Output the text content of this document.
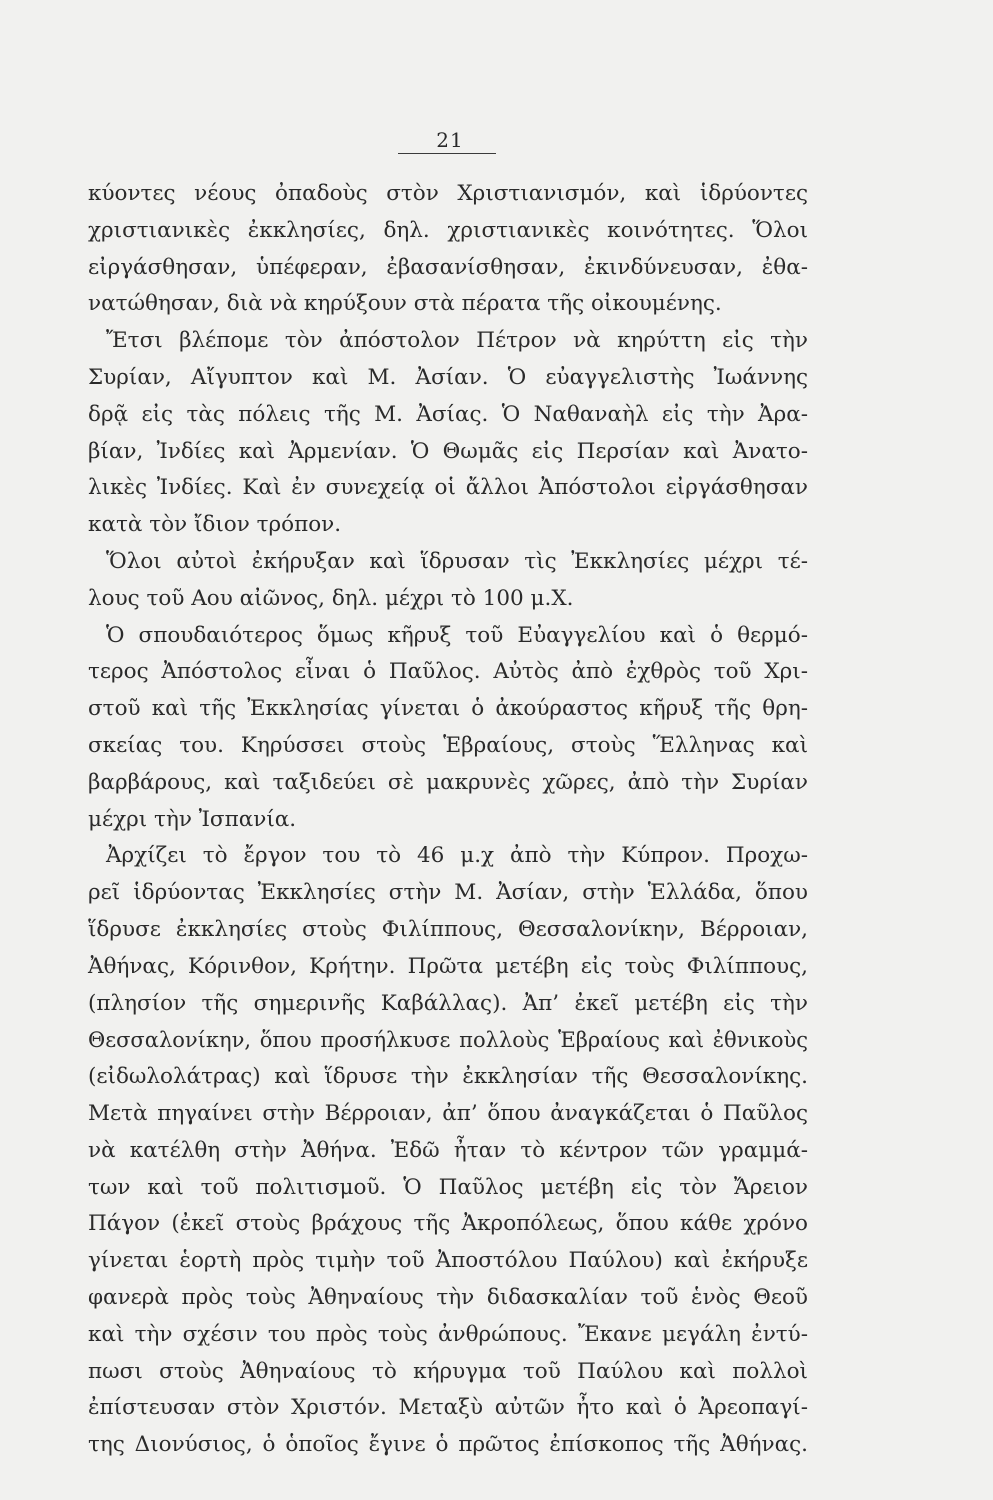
21
κύοντες νέους ὀπαδοὺς στὸν Χριστιανισμόν, καὶ ἱδρύοντες
χριστιανικὲς ἐκκλησίες, δηλ. χριστιανικὲς κοινότητες. Ὅλοι
εἰργάσθησαν, ὑπέφεραν, ἐβασανίσθησαν, ἐκινδύνευσαν, ἐθα-
νατώθησαν, διὰ νὰ κηρύξουν στὰ πέρατα τῆς οἰκουμένης.
Ἔτσι βλέπομε τὸν ἀπόστολον Πέτρον νὰ κηρύττη εἰς τὴν
Συρίαν, Αἴγυπτον καὶ Μ. Ἀσίαν. Ὁ εὐαγγελιστὴς Ἰωάννης
δρᾷ εἰς τὰς πόλεις τῆς Μ. Ἀσίας. Ὁ Ναθαναὴλ εἰς τὴν Ἀρα-
βίαν, Ἰνδίες καὶ Ἀρμενίαν. Ὁ Θωμᾶς εἰς Περσίαν καὶ Ἀνατο-
λικὲς Ἰνδίες. Καὶ ἐν συνεχείᾳ οἱ ἄλλοι Ἀπόστολοι εἰργάσθησαν
κατὰ τὸν ἴδιον τρόπον.
Ὅλοι αὐτοὶ ἐκήρυξαν καὶ ἵδρυσαν τὶς Ἐκκλησίες μέχρι τέ-
λους τοῦ Αου αἰῶνος, δηλ. μέχρι τὸ 100 μ.Χ.
Ὁ σπουδαιότερος ὅμως κῆρυξ τοῦ Εὐαγγελίου καὶ ὁ θερμό-
τερος Ἀπόστολος εἶναι ὁ Παῦλος. Αὐτὸς ἀπὸ ἐχθρὸς τοῦ Χρι-
στοῦ καὶ τῆς Ἐκκλησίας γίνεται ὁ ἀκούραστος κῆρυξ τῆς θρη-
σκείας του. Κηρύσσει στοὺς Ἑβραίους, στοὺς Ἕλληνας καὶ
βαρβάρους, καὶ ταξιδεύει σὲ μακρυνὲς χῶρες, ἀπὸ τὴν Συρίαν
μέχρι τὴν Ἰσπανία.
Ἀρχίζει τὸ ἔργον του τὸ 46 μ.χ ἀπὸ τὴν Κύπρον. Προχω-
ρεῖ ἱδρύοντας Ἐκκλησίες στὴν Μ. Ἀσίαν, στὴν Ἑλλάδα, ὅπου
ἵδρυσε ἐκκλησίες στοὺς Φιλίππους, Θεσσαλονίκην, Βέρροιαν,
Ἀθήνας, Κόρινθον, Κρήτην. Πρῶτα μετέβη εἰς τοὺς Φιλίππους,
(πλησίον τῆς σημερινῆς Καβάλλας). Ἀπ’ ἐκεῖ μετέβη εἰς τὴν
Θεσσαλονίκην, ὅπου προσήλκυσε πολλοὺς Ἑβραίους καὶ ἐθνικοὺς
(εἰδωλολάτρας) καὶ ἵδρυσε τὴν ἐκκλησίαν τῆς Θεσσαλονίκης.
Μετὰ πηγαίνει στὴν Βέρροιαν, ἀπ’ ὅπου ἀναγκάζεται ὁ Παῦλος
νὰ κατέλθη στὴν Ἀθήνα. Ἐδῶ ἦταν τὸ κέντρον τῶν γραμμά-
των καὶ τοῦ πολιτισμοῦ. Ὁ Παῦλος μετέβη εἰς τὸν Ἄρειον
Πάγον (ἐκεῖ στοὺς βράχους τῆς Ἀκροπόλεως, ὅπου κάθε χρόνο
γίνεται ἑορτὴ πρὸς τιμὴν τοῦ Ἀποστόλου Παύλου) καὶ ἐκήρυξε
φανερὰ πρὸς τοὺς Ἀθηναίους τὴν διδασκαλίαν τοῦ ἑνὸς Θεοῦ
καὶ τὴν σχέσιν του πρὸς τοὺς ἀνθρώπους. Ἔκανε μεγάλη ἐντύ-
πωσι στοὺς Ἀθηναίους τὸ κήρυγμα τοῦ Παύλου καὶ πολλοὶ
ἐπίστευσαν στὸν Χριστόν. Μεταξὺ αὐτῶν ἦτο καὶ ὁ Ἀρεοπαγί-
της Διονύσιος, ὁ ὁποῖος ἔγινε ὁ πρῶτος ἐπίσκοπος τῆς Ἀθήνας.
